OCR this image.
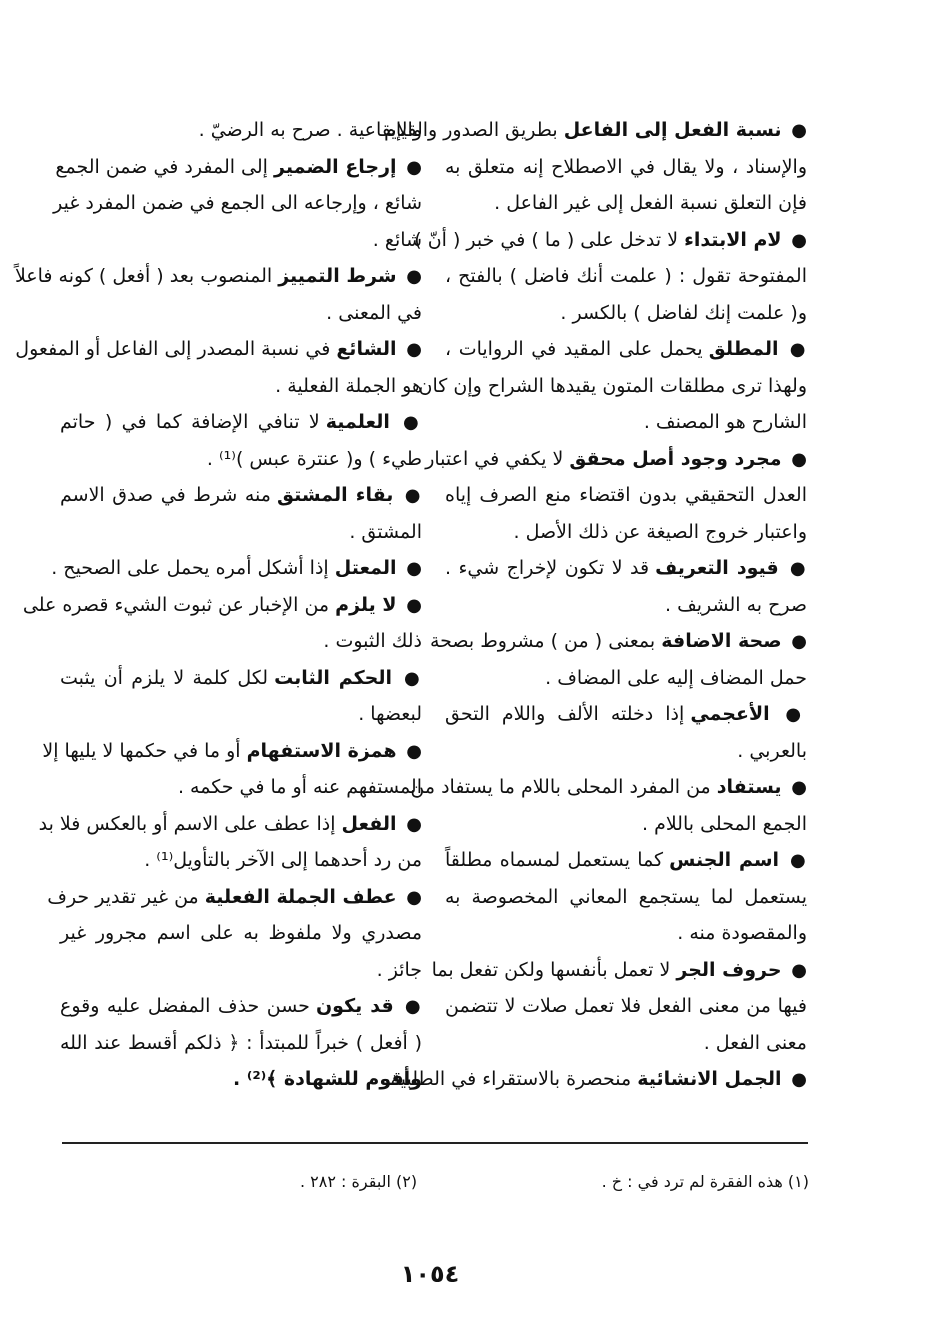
● نسبة الفعل إلى الفاعل بطريق الصدور والقيام
والإسناد ، ولا يقال في الاصطلاح إنه متعلق به
فإن التعلق نسبة الفعل إلى غير الفاعل .
● لام الابتداء لا تدخل على ( ما ) في خبر ( أنّ )
المفتوحة تقول : ( علمت أنك فاضل ) بالفتح ،
و( علمت إنك لفاضل ) بالكسر .
● المطلق يحمل على المقيد في الروايات ،
ولهذا ترى مطلقات المتون يقيدها الشراح وإن كان
الشارح هو المصنف .
● مجرد وجود أصل محقق لا يكفي في اعتبار
العدل التحقيقي بدون اقتضاء منع الصرف إياه
واعتبار خروج الصيغة عن ذلك الأصل .
● قيود التعريف قد لا تكون لإخراج شيء .
صرح به الشريف .
● صحة الاضافة بمعنى ( من ) مشروط بصحة
حمل المضاف إليه على المضاف .
● الأعجمي إذا دخلته الألف واللام التحق
بالعربي .
● يستفاد من المفرد المحلى باللام ما يستفاد من
الجمع المحلى باللام .
● اسم الجنس كما يستعمل لمسماه مطلقاً
يستعمل لما يستجمع المعاني المخصوصة به
والمقصودة منه .
● حروف الجر لا تعمل بأنفسها ولكن تفعل بما
فيها من معنى الفعل فلا تعمل صلات لا تتضمن
معنى الفعل .
● الجمل الانشائية منحصرة بالاستقراء في الطلبية
والإيقاعية . صرح به الرضيّ .
● إرجاع الضمير إلى المفرد في ضمن الجمع
شائع ، وإرجاعه الى الجمع في ضمن المفرد غير
شائع .
● شرط التمييز المنصوب بعد ( أفعل ) كونه فاعلاً
في المعنى .
● الشائع في نسبة المصدر إلى الفاعل أو المفعول
هو الجملة الفعلية .
● العلمية لا تنافي الإضافة كما في ( حاتم
طيء ) و( عنترة عبس )⁽¹⁾ .
● بقاء المشتق منه شرط في صدق الاسم
المشتق .
● المعتل إذا أشكل أمره يحمل على الصحيح .
● لا يلزم من الإخبار عن ثبوت الشيء قصره على
ذلك الثبوت .
● الحكم الثابت لكل كلمة لا يلزم أن يثبت
لبعضها .
● همزة الاستفهام أو ما في حكمها لا يليها إلا
المستفهم عنه أو ما في حكمه .
● الفعل إذا عطف على الاسم أو بالعكس فلا بد
من رد أحدهما إلى الآخر بالتأويل⁽¹⁾ .
● عطف الجملة الفعلية من غير تقدير حرف
مصدري ولا ملفوظ به على اسم مجرور غير
جائز .
● قد يكون حسن حذف المفضل عليه وقوع
( أفعل ) خبراً للمبتدأ : ﴿ ذلكم أقسط عند الله
وأقوم للشهادة ﴾⁽²⁾ .
(١) هذه الفقرة لم ترد في : خ .
(٢) البقرة : ٢٨٢ .
١٠٥٤
